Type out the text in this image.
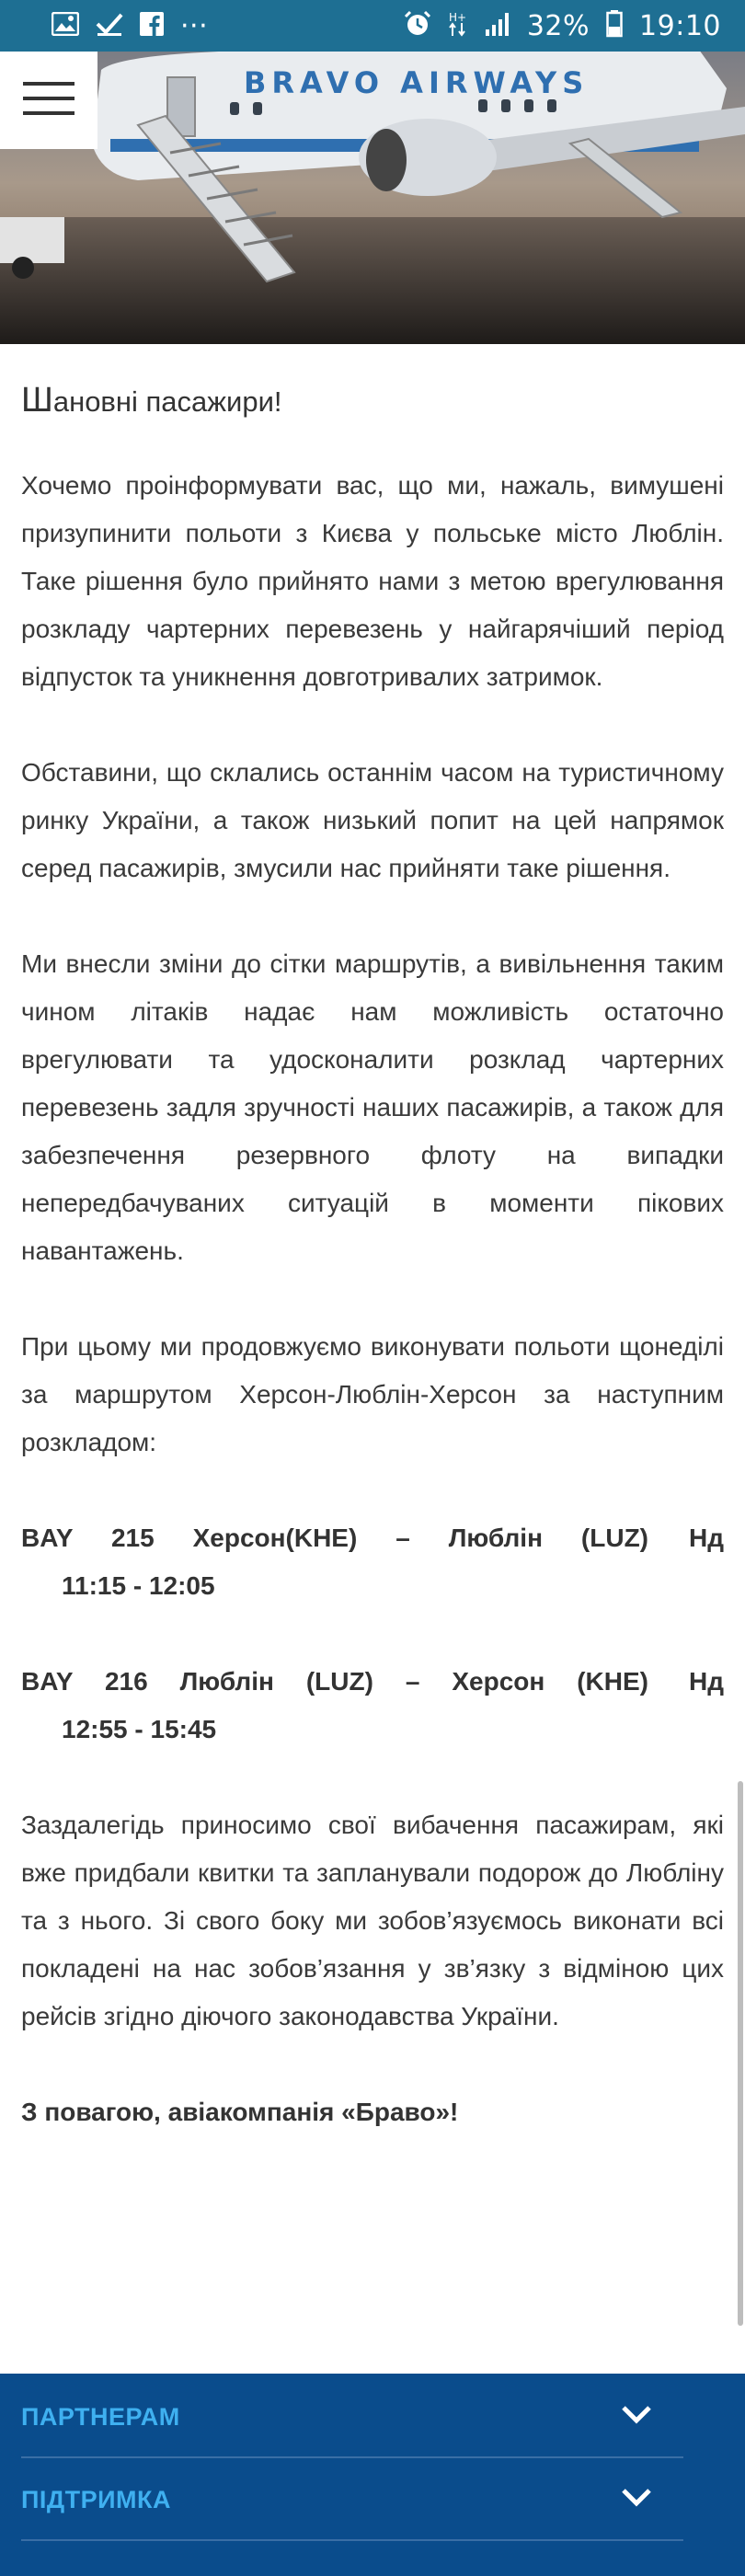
···	H+ 32% 19:10
BRAVO AIRWAYS

Шановні пасажири!

Хочемо проінформувати вас, що ми, нажаль, вимушені призупинити польоти з Києва у польське місто Люблін. Таке рішення було прийнято нами з метою врегулювання розкладу чартерних перевезень у найгарячіший період відпусток та уникнення довготривалих затримок.

Обставини, що склались останнім часом на туристичному ринку України, а також низький попит на цей напрямок серед пасажирів, змусили нас прийняти таке рішення.

Ми внесли зміни до сітки маршрутів, а вивільнення таким чином літаків надає нам можливість остаточно врегулювати та удосконалити розклад чартерних перевезень задля зручності наших пасажирів, а також для забезпечення резервного флоту на випадки непередбачуваних ситуацій в моменти пікових навантажень.

При цьому ми продовжуємо виконувати польоти щонеділі за маршрутом Херсон-Люблін-Херсон за наступним розкладом:

BAY 215 Херсон(KHE) – Люблін (LUZ) Нд11:15 - 12:05

BAY 216 Люблін (LUZ) – Херсон (KHE) Нд12:55 - 15:45

Заздалегідь приносимо свої вибачення пасажирам, які вже придбали квитки та запланували подорож до Любліну та з нього. Зі свого боку ми зобов’язуємось виконати всі покладені на нас зобов’язання у зв’язку з відміною цих рейсів згідно діючого законодавства України.

З повагою, авіакомпанія «Браво»!

ПАРТНЕРАМ
ПІДТРИМКА
